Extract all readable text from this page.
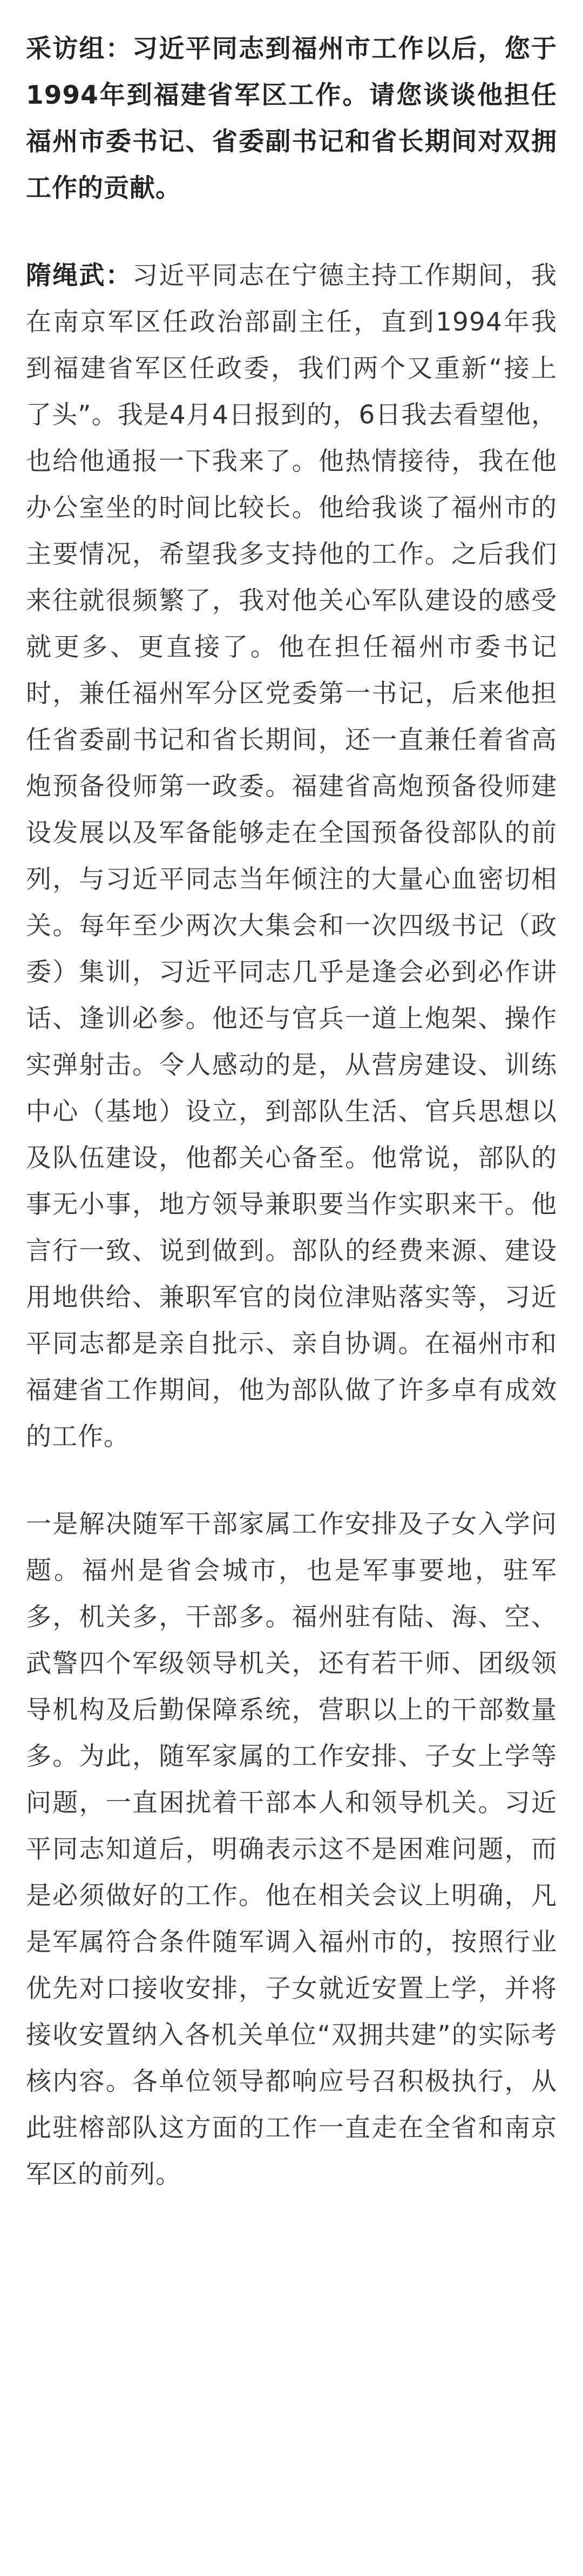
采访组：习近平同志到福州市工作以后，您于1994年到福建省军区工作。请您谈谈他担任福州市委书记、省委副书记和省长期间对双拥工作的贡献。

隋绳武：习近平同志在宁德主持工作期间，我在南京军区任政治部副主任，直到1994年我到福建省军区任政委，我们两个又重新“接上了头”。我是4月4日报到的，6日我去看望他，也给他通报一下我来了。他热情接待，我在他办公室坐的时间比较长。他给我谈了福州市的主要情况，希望我多支持他的工作。之后我们来往就很频繁了，我对他关心军队建设的感受就更多、更直接了。他在担任福州市委书记时，兼任福州军分区党委第一书记，后来他担任省委副书记和省长期间，还一直兼任着省高炮预备役师第一政委。福建省高炮预备役师建设发展以及军备能够走在全国预备役部队的前列，与习近平同志当年倾注的大量心血密切相关。每年至少两次大集会和一次四级书记（政委）集训，习近平同志几乎是逢会必到必作讲话、逢训必参。他还与官兵一道上炮架、操作实弹射击。令人感动的是，从营房建设、训练中心（基地）设立，到部队生活、官兵思想以及队伍建设，他都关心备至。他常说，部队的事无小事，地方领导兼职要当作实职来干。他言行一致、说到做到。部队的经费来源、建设用地供给、兼职军官的岗位津贴落实等，习近平同志都是亲自批示、亲自协调。在福州市和福建省工作期间，他为部队做了许多卓有成效的工作。

一是解决随军干部家属工作安排及子女入学问题。福州是省会城市，也是军事要地，驻军多，机关多，干部多。福州驻有陆、海、空、武警四个军级领导机关，还有若干师、团级领导机构及后勤保障系统，营职以上的干部数量多。为此，随军家属的工作安排、子女上学等问题，一直困扰着干部本人和领导机关。习近平同志知道后，明确表示这不是困难问题，而是必须做好的工作。他在相关会议上明确，凡是军属符合条件随军调入福州市的，按照行业优先对口接收安排，子女就近安置上学，并将接收安置纳入各机关单位“双拥共建”的实际考核内容。各单位领导都响应号召积极执行，从此驻榕部队这方面的工作一直走在全省和南京军区的前列。
